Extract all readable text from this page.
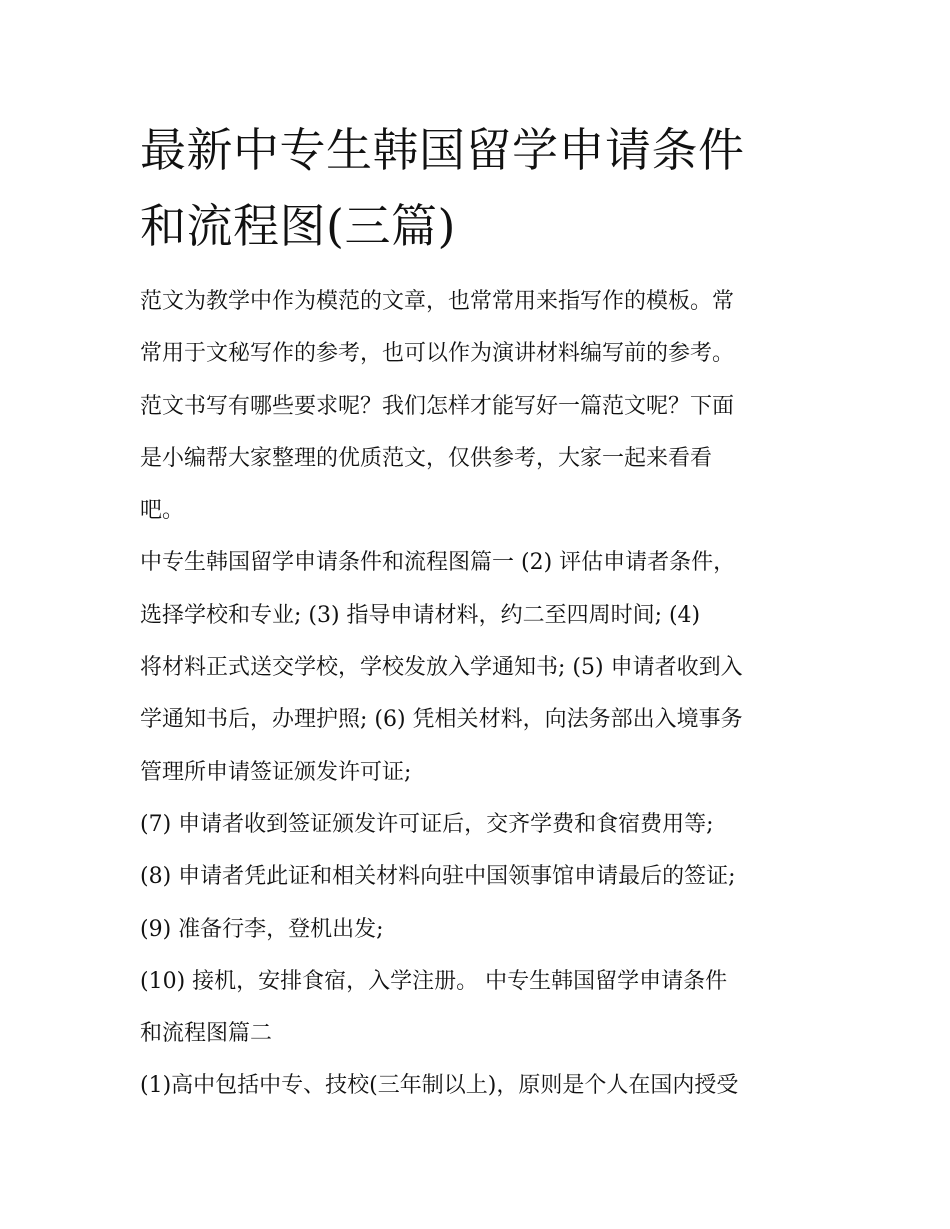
最新中专生韩国留学申请条件
和流程图(三篇)
范文为教学中作为模范的文章，也常常用来指写作的模板。常
常用于文秘写作的参考，也可以作为演讲材料编写前的参考。
范文书写有哪些要求呢？我们怎样才能写好一篇范文呢？下面
是小编帮大家整理的优质范文，仅供参考，大家一起来看看
吧。
中专生韩国留学申请条件和流程图篇一 (2) 评估申请者条件，
选择学校和专业; (3) 指导申请材料，约二至四周时间; (4)
将材料正式送交学校，学校发放入学通知书; (5) 申请者收到入
学通知书后，办理护照; (6) 凭相关材料，向法务部出入境事务
管理所申请签证颁发许可证;
(7) 申请者收到签证颁发许可证后，交齐学费和食宿费用等;
(8) 申请者凭此证和相关材料向驻中国领事馆申请最后的签证;
(9) 准备行李，登机出发;
(10) 接机，安排食宿，入学注册。 中专生韩国留学申请条件
和流程图篇二
(1)高中包括中专、技校(三年制以上)，原则是个人在国内授受
